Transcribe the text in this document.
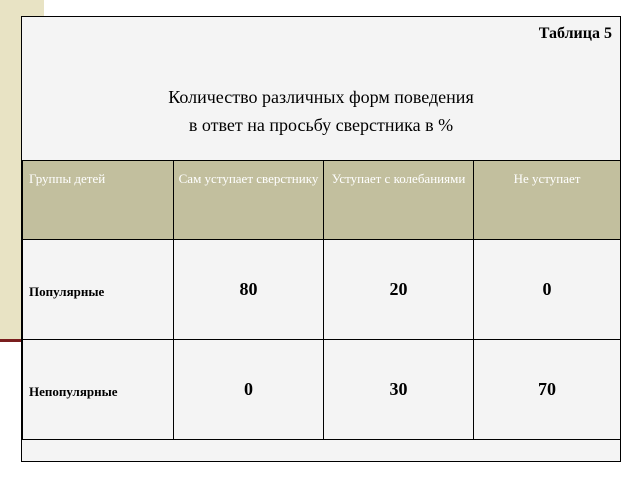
Таблица 5
Количество различных форм поведения
в ответ на просьбу сверстника в %
Группы детей	Сам уступает сверстнику	Уступает с колебаниями	Не уступает
Популярные	80	20	0
Непопулярные	0	30	70
